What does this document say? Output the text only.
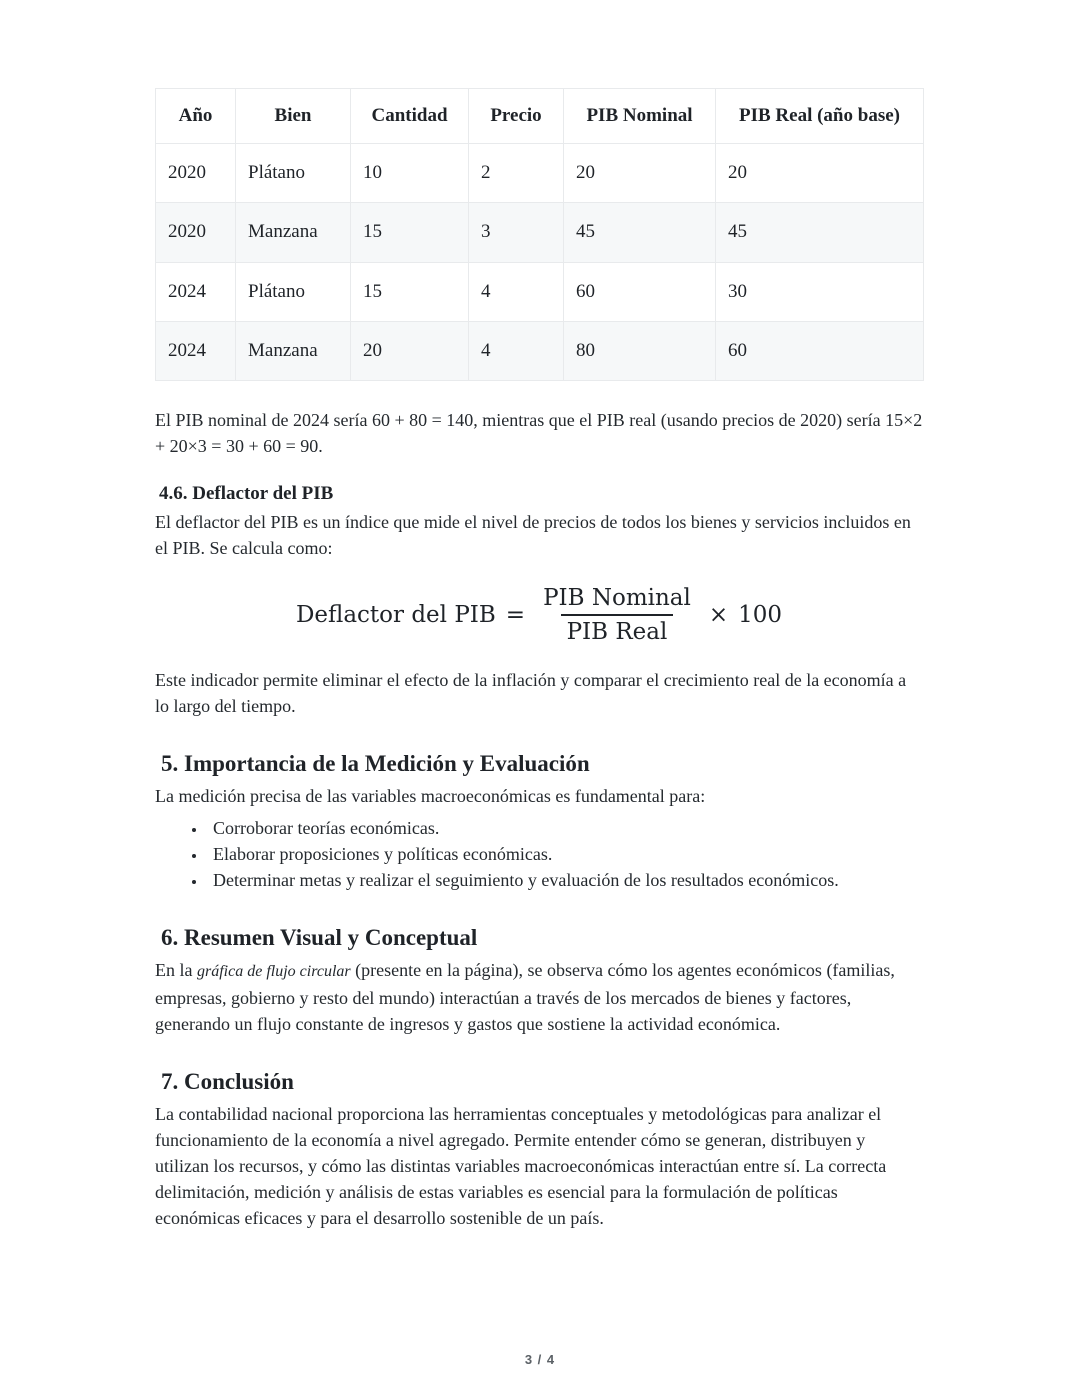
Año	Bien	Cantidad	Precio	PIB Nominal	PIB Real (año base)
2020	Plátano	10	2	20	20
2020	Manzana	15	3	45	45
2024	Plátano	15	4	60	30
2024	Manzana	20	4	80	60

El PIB nominal de 2024 sería 60 + 80 = 140, mientras que el PIB real (usando precios de 2020) sería 15×2 + 20×3 = 30 + 60 = 90.

4.6. Deflactor del PIB

El deflactor del PIB es un índice que mide el nivel de precios de todos los bienes y servicios incluidos en el PIB. Se calcula como:

Deflactor del PIB = $\frac{\text{PIB Nominal}}{\text{PIB Real}} \times 100$

Este indicador permite eliminar el efecto de la inflación y comparar el crecimiento real de la economía a lo largo del tiempo.

5. Importancia de la Medición y Evaluación

La medición precisa de las variables macroeconómicas es fundamental para:

• Corroborar teorías económicas.
• Elaborar proposiciones y políticas económicas.
• Determinar metas y realizar el seguimiento y evaluación de los resultados económicos.
6. Resumen Visual y Conceptual

En la gráfica de flujo circular (presente en la página), se observa cómo los agentes económicos (familias, empresas, gobierno y resto del mundo) interactúan a través de los mercados de bienes y factores, generando un flujo constante de ingresos y gastos que sostiene la actividad económica.

7. Conclusión

La contabilidad nacional proporciona las herramientas conceptuales y metodológicas para analizar el funcionamiento de la economía a nivel agregado. Permite entender cómo se generan, distribuyen y utilizan los recursos, y cómo las distintas variables macroeconómicas interactúan entre sí. La correcta delimitación, medición y análisis de estas variables es esencial para la formulación de políticas económicas eficaces y para el desarrollo sostenible de un país.

3 / 4
